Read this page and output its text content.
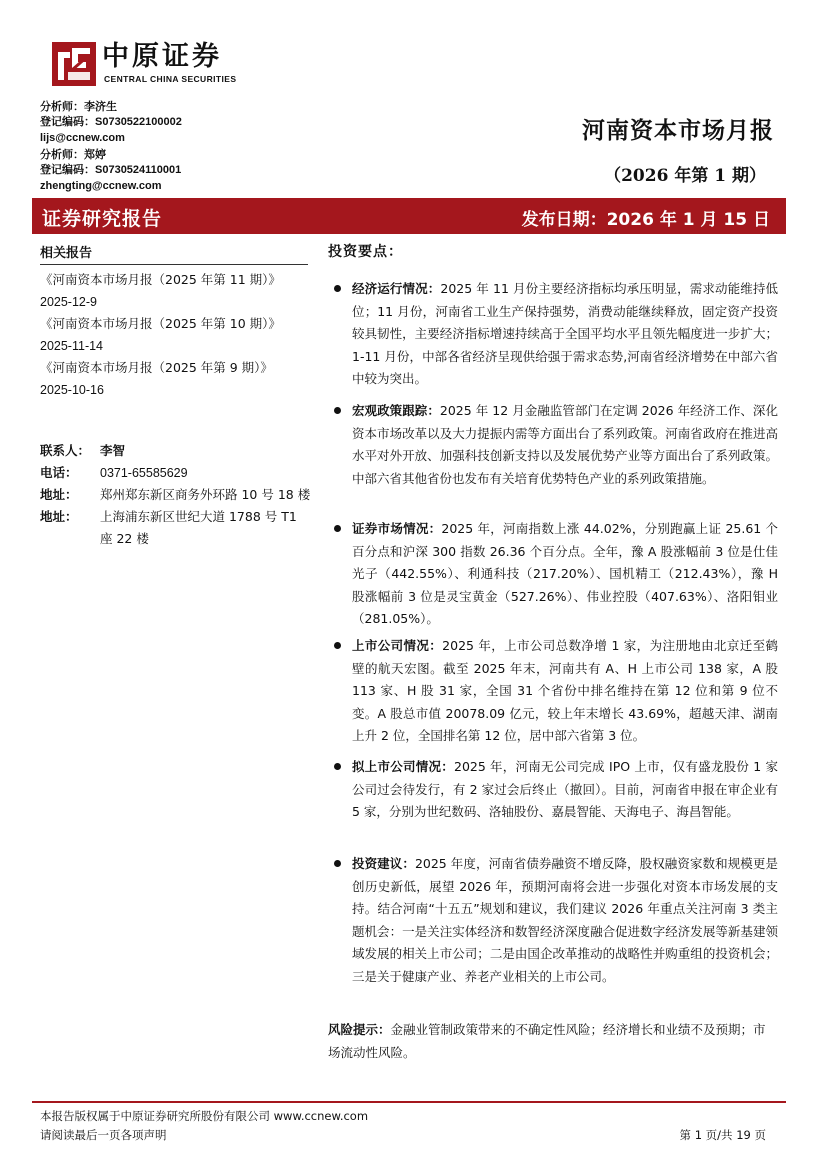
中原证券
CENTRAL CHINA SECURITIES
分析师：李济生
登记编码：S0730522100002
lijs@ccnew.com
分析师：郑婷
登记编码：S0730524110001
zhengting@ccnew.com
河南资本市场月报
（2026 年第 1 期）
证券研究报告	发布日期：2026 年 1 月 15 日
相关报告
《河南资本市场月报（2025 年第 11 期）》
2025-12-9
《河南资本市场月报（2025 年第 10 期）》
2025-11-14
《河南资本市场月报（2025 年第 9 期）》
2025-10-16
联系人： 李智
电话：	0371-65585629
地址：	郑州郑东新区商务外环路 10 号 18 楼
地址：	上海浦东新区世纪大道 1788 号 T1 座 22 楼
投资要点：
经济运行情况：2025 年 11 月份主要经济指标均承压明显，需求动能维持低位；11 月份，河南省工业生产保持强势，消费动能继续释放，固定资产投资较具韧性，主要经济指标增速持续高于全国平均水平且领先幅度进一步扩大；1-11 月份，中部各省经济呈现供给强于需求态势,河南省经济增势在中部六省中较为突出。
宏观政策跟踪：2025 年 12 月金融监管部门在定调 2026 年经济工作、深化资本市场改革以及大力提振内需等方面出台了系列政策。河南省政府在推进高水平对外开放、加强科技创新支持以及发展优势产业等方面出台了系列政策。中部六省其他省份也发布有关培育优势特色产业的系列政策措施。
证券市场情况：2025 年，河南指数上涨 44.02%，分别跑赢上证 25.61 个百分点和沪深 300 指数 26.36 个百分点。全年，豫 A 股涨幅前 3 位是仕佳光子（442.55%）、利通科技（217.20%）、国机精工（212.43%），豫 H 股涨幅前 3 位是灵宝黄金（527.26%）、伟业控股（407.63%）、洛阳钼业（281.05%）。
上市公司情况：2025 年，上市公司总数净增 1 家，为注册地由北京迁至鹤壁的航天宏图。截至 2025 年末，河南共有 A、H 上市公司 138 家，A 股 113 家、H 股 31 家，全国 31 个省份中排名维持在第 12 位和第 9 位不变。A 股总市值 20078.09 亿元，较上年末增长 43.69%，超越天津、湖南上升 2 位，全国排名第 12 位，居中部六省第 3 位。
拟上市公司情况：2025 年，河南无公司完成 IPO 上市，仅有盛龙股份 1 家公司过会待发行，有 2 家过会后终止（撤回）。目前，河南省申报在审企业有 5 家，分别为世纪数码、洛轴股份、嘉晨智能、天海电子、海昌智能。
投资建议：2025 年度，河南省债券融资不增反降，股权融资家数和规模更是创历史新低，展望 2026 年，预期河南将会进一步强化对资本市场发展的支持。结合河南“十五五”规划和建议，我们建议 2026 年重点关注河南 3 类主题机会：一是关注实体经济和数智经济深度融合促进数字经济发展等新基建领域发展的相关上市公司；二是由国企改革推动的战略性并购重组的投资机会；三是关于健康产业、养老产业相关的上市公司。
风险提示：金融业管制政策带来的不确定性风险；经济增长和业绩不及预期；市场流动性风险。
本报告版权属于中原证券研究所股份有限公司 www.ccnew.com
请阅读最后一页各项声明	第 1 页/共 19 页
